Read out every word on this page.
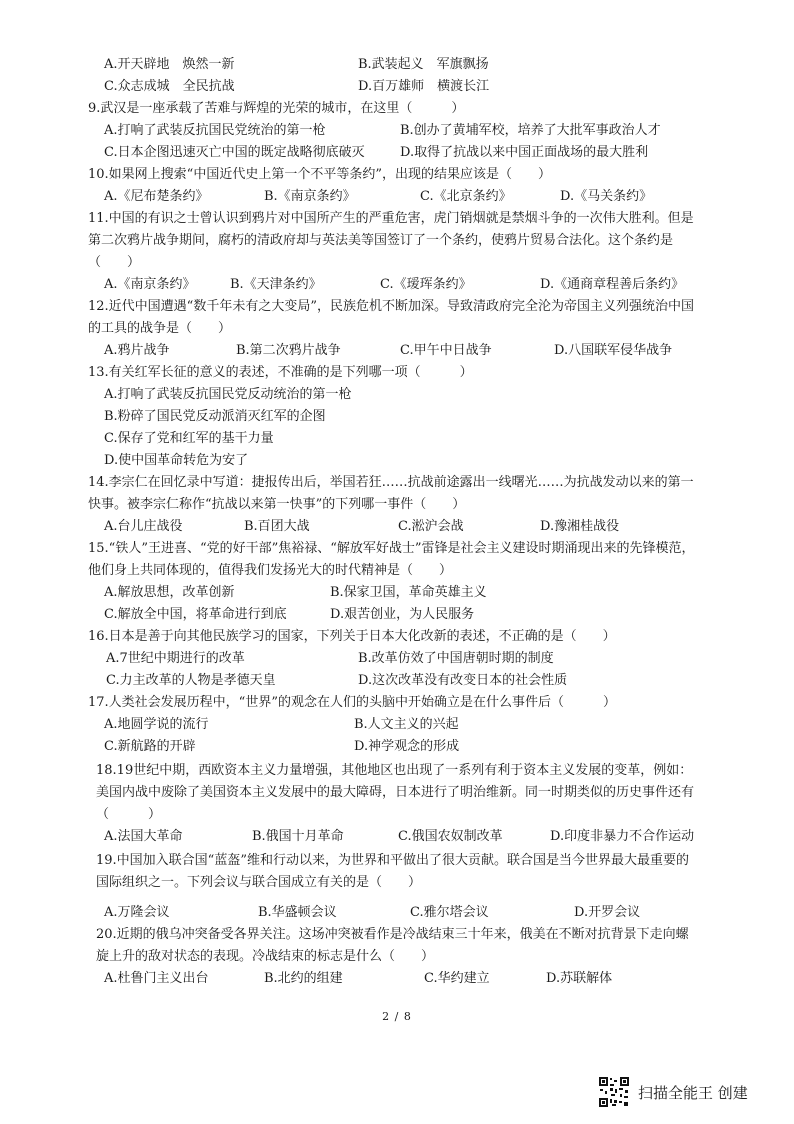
A.开天辟地　焕然一新	B.武装起义　军旗飘扬
C.众志成城　全民抗战	D.百万雄师　横渡长江
9.武汉是一座承载了苦难与辉煌的光荣的城市，在这里（　　　）
A.打响了武装反抗国民党统治的第一枪	B.创办了黄埔军校，培养了大批军事政治人才
C.日本企图迅速灭亡中国的既定战略彻底破灭	D.取得了抗战以来中国正面战场的最大胜利
10.如果网上搜索“中国近代史上第一个不平等条约”，出现的结果应该是（　　）
A.《尼布楚条约》	B.《南京条约》	C.《北京条约》	D.《马关条约》
11.中国的有识之士曾认识到鸦片对中国所产生的严重危害，虎门销烟就是禁烟斗争的一次伟大胜利。但是第二次鸦片战争期间，腐朽的清政府却与英法美等国签订了一个条约，使鸦片贸易合法化。这个条约是（　　）
A.《南京条约》	B.《天津条约》	C.《瑷珲条约》	D.《通商章程善后条约》
12.近代中国遭遇“数千年未有之大变局”，民族危机不断加深。导致清政府完全沦为帝国主义列强统治中国的工具的战争是（　　）
A.鸦片战争	B.第二次鸦片战争	C.甲午中日战争	D.八国联军侵华战争
13.有关红军长征的意义的表述，不准确的是下列哪一项（　　　）
A.打响了武装反抗国民党反动统治的第一枪
B.粉碎了国民党反动派消灭红军的企图
C.保存了党和红军的基干力量
D.使中国革命转危为安了
14.李宗仁在回忆录中写道：捷报传出后，举国若狂……抗战前途露出一线曙光……为抗战发动以来的第一快事。被李宗仁称作“抗战以来第一快事”的下列哪一事件（　　）
A.台儿庄战役	B.百团大战	C.淞沪会战	D.豫湘桂战役
15.“铁人”王进喜、“党的好干部”焦裕禄、“解放军好战士”雷锋是社会主义建设时期涌现出来的先锋模范，他们身上共同体现的，值得我们发扬光大的时代精神是（　　）
A.解放思想，改革创新	B.保家卫国，革命英雄主义
C.解放全中国，将革命进行到底	D.艰苦创业，为人民服务
16.日本是善于向其他民族学习的国家，下列关于日本大化改新的表述，不正确的是（　　）
A.7世纪中期进行的改革	B.改革仿效了中国唐朝时期的制度
C.力主改革的人物是孝德天皇	D.这次改革没有改变日本的社会性质
17.人类社会发展历程中，“世界”的观念在人们的头脑中开始确立是在什么事件后（　　　）
A.地圆学说的流行	B.人文主义的兴起
C.新航路的开辟	D.神学观念的形成
18.19世纪中期，西欧资本主义力量增强，其他地区也出现了一系列有利于资本主义发展的变革，例如：美国内战中废除了美国资本主义发展中的最大障碍，日本进行了明治维新。同一时期类似的历史事件还有（　　　）
A.法国大革命	B.俄国十月革命	C.俄国农奴制改革	D.印度非暴力不合作运动
19.中国加入联合国“蓝盔”维和行动以来，为世界和平做出了很大贡献。联合国是当今世界最大最重要的国际组织之一。下列会议与联合国成立有关的是（　　）
A.万隆会议	B.华盛顿会议	C.雅尔塔会议	D.开罗会议
20.近期的俄乌冲突备受各界关注。这场冲突被看作是冷战结束三十年来，俄美在不断对抗背景下走向螺旋上升的敌对状态的表现。冷战结束的标志是什么（　　）
A.杜鲁门主义出台	B.北约的组建	C.华约建立	D.苏联解体
2 / 8
扫描全能王 创建
